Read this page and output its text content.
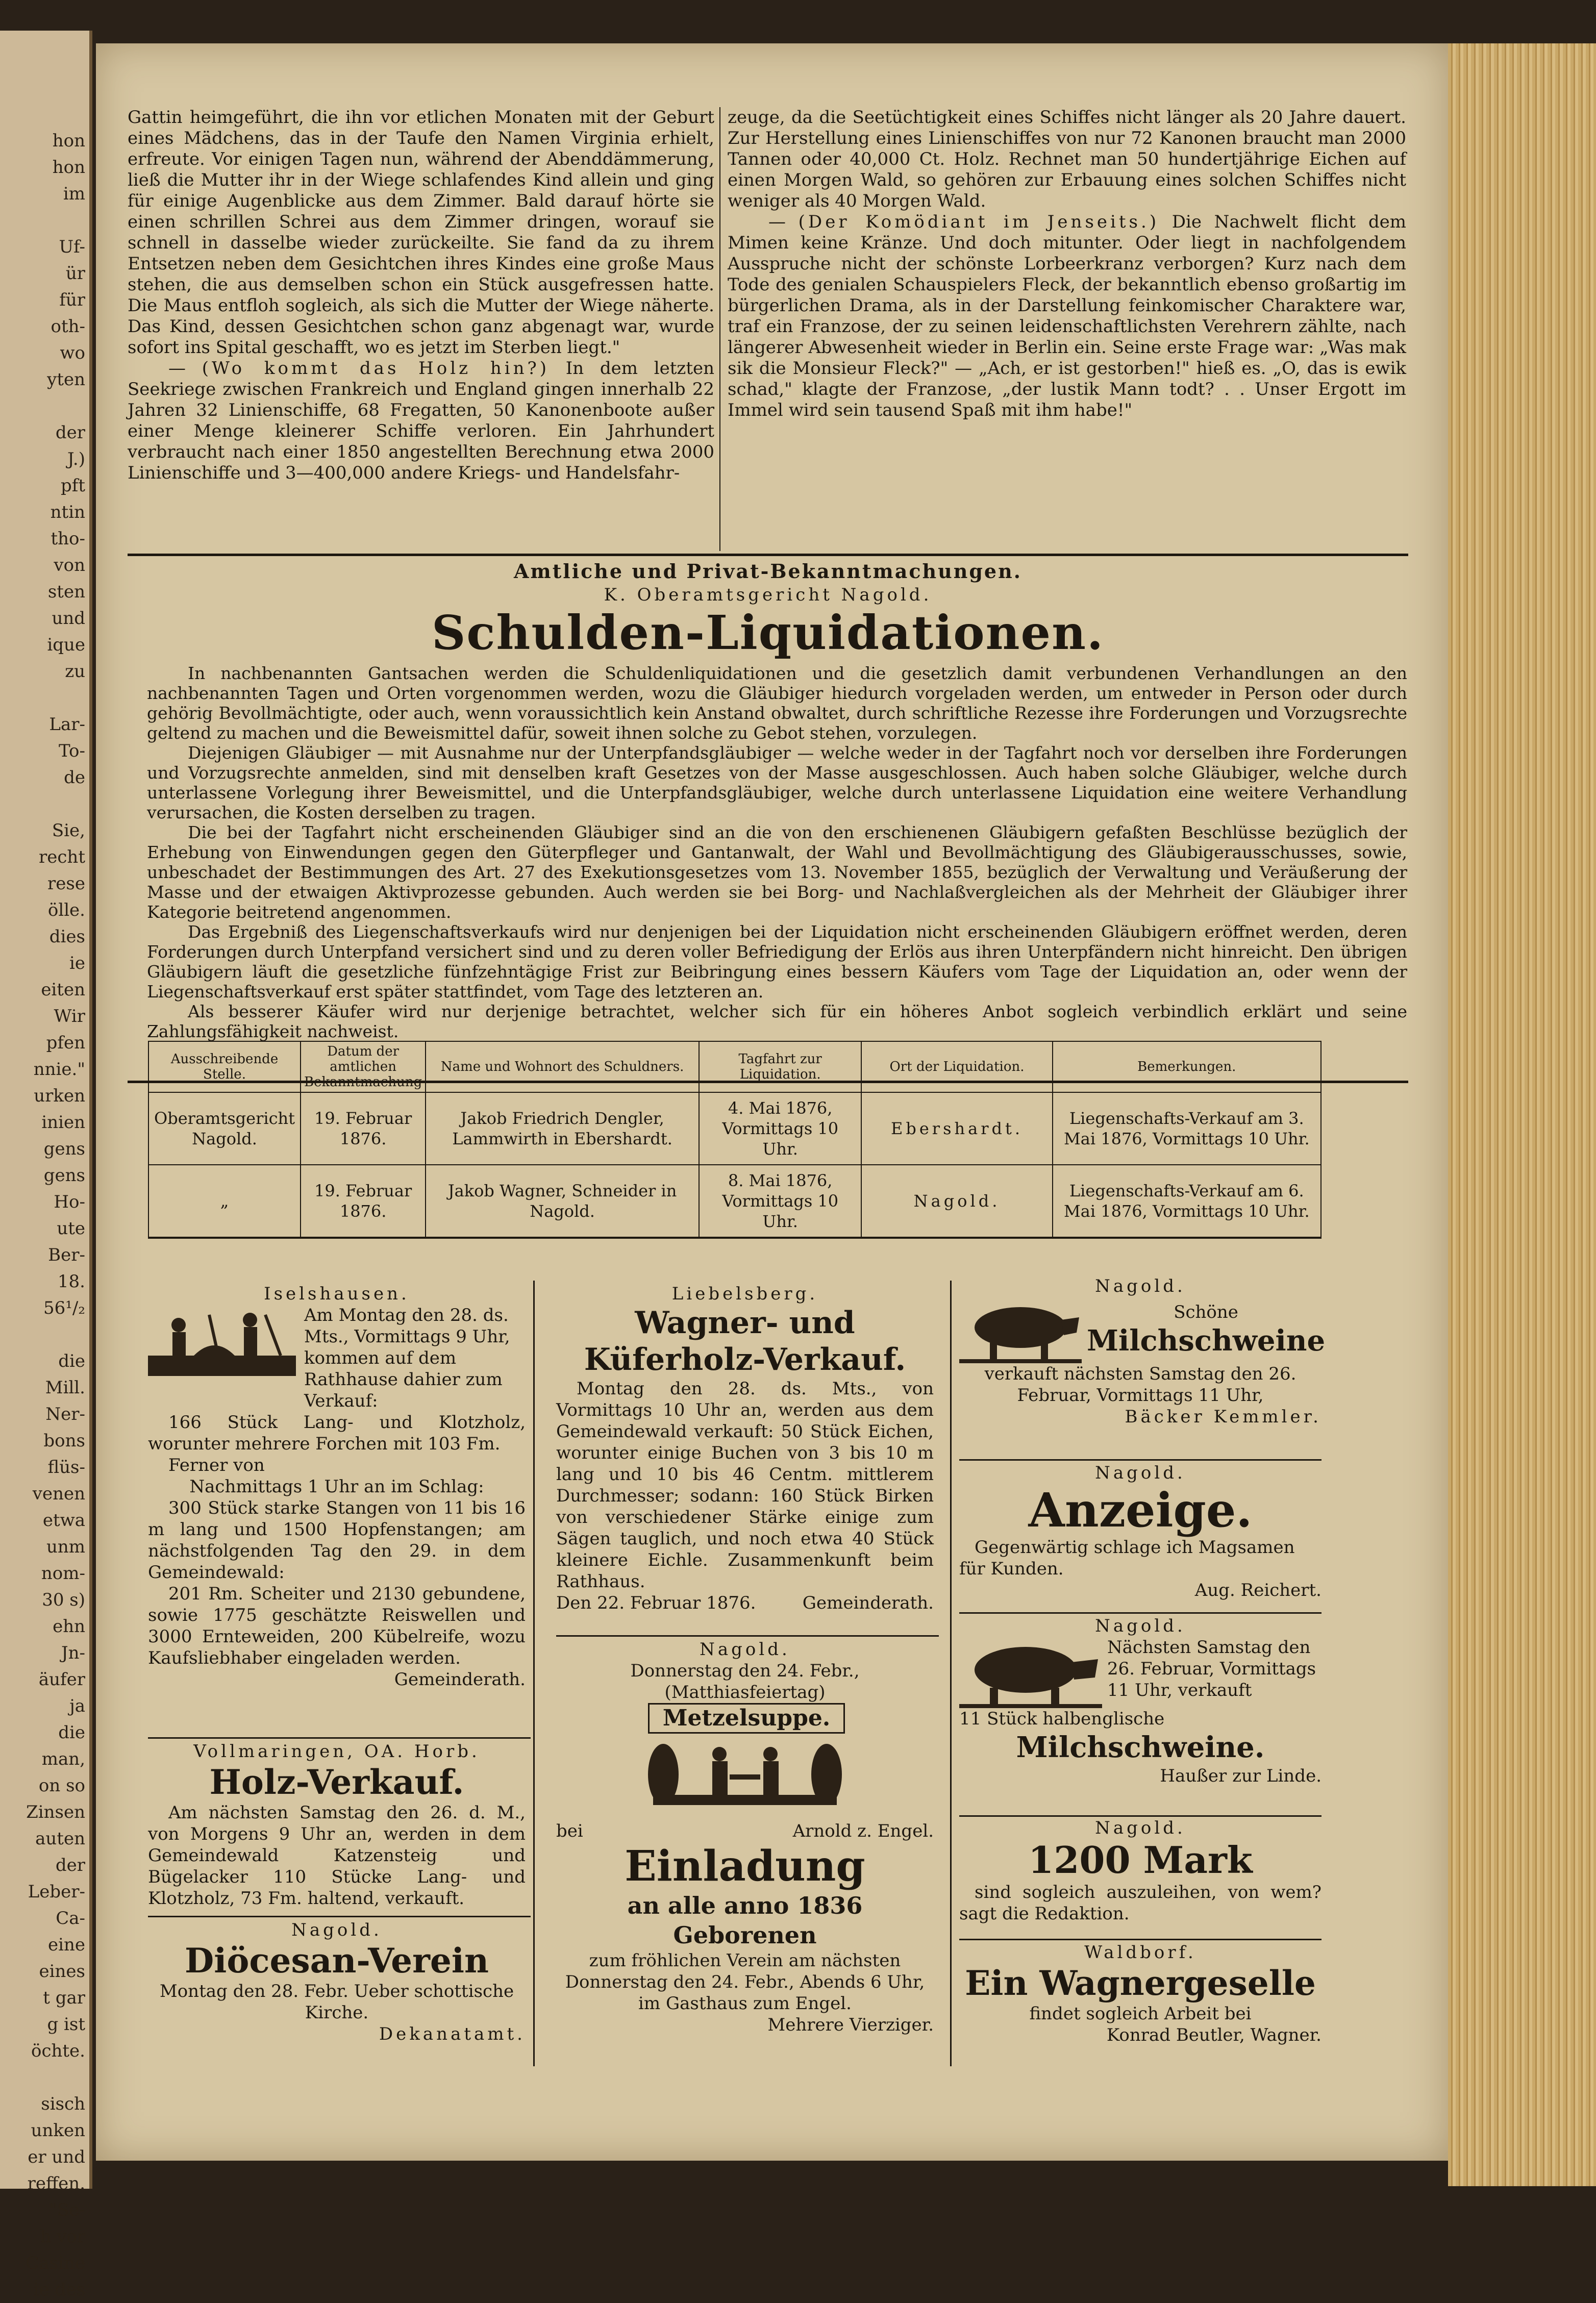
hon
hon
im

Uf-
ür
für
oth-
wo
yten

der
J.)
pft
ntin
tho-
von
sten
und
ique
zu

Lar-
To-
de

Sie,
recht
rese
ölle.
dies
ie
eiten
Wir
pfen
nnie."
urken
inien
gens
gens
Ho-
ute
Ber-
18.
56¹/₂

die
Mill.
Ner-
bons
flüs-
venen
etwa
unm
nom-
30 s)
ehn
Jn-
äufer
ja
die
man,
on so
Zinsen
auten
der
Leber-
Ca-
eine
eines
t gar
g ist
öchte.

sisch
unken
er und
reffen.
"Se-
h vor
Casine
ie des

Gattin heimgeführt, die ihn vor etlichen Monaten mit der Geburt eines Mädchens, das in der Taufe den Namen Virginia erhielt, erfreute. Vor einigen Tagen nun, während der Abenddämmerung, ließ die Mutter ihr in der Wiege schlafendes Kind allein und ging für einige Augenblicke aus dem Zimmer. Bald darauf hörte sie einen schrillen Schrei aus dem Zimmer dringen, worauf sie schnell in dasselbe wieder zurückeilte. Sie fand da zu ihrem Entsetzen neben dem Gesichtchen ihres Kindes eine große Maus stehen, die aus demselben schon ein Stück ausgefressen hatte. Die Maus entfloh sogleich, als sich die Mutter der Wiege näherte. Das Kind, dessen Gesichtchen schon ganz abgenagt war, wurde sofort ins Spital geschafft, wo es jetzt im Sterben liegt."

— (Wo kommt das Holz hin?) In dem letzten Seekriege zwischen Frankreich und England gingen innerhalb 22 Jahren 32 Linienschiffe, 68 Fregatten, 50 Kanonenboote außer einer Menge kleinerer Schiffe verloren. Ein Jahrhundert verbraucht nach einer 1850 angestellten Berechnung etwa 2000 Linienschiffe und 3—400,000 andere Kriegs- und Handelsfahr-

zeuge, da die Seetüchtigkeit eines Schiffes nicht länger als 20 Jahre dauert. Zur Herstellung eines Linienschiffes von nur 72 Kanonen braucht man 2000 Tannen oder 40,000 Ct. Holz. Rechnet man 50 hundertjährige Eichen auf einen Morgen Wald, so gehören zur Erbauung eines solchen Schiffes nicht weniger als 40 Morgen Wald.

— (Der Komödiant im Jenseits.) Die Nachwelt flicht dem Mimen keine Kränze. Und doch mitunter. Oder liegt in nachfolgendem Ausspruche nicht der schönste Lorbeerkranz verborgen? Kurz nach dem Tode des genialen Schauspielers Fleck, der bekanntlich ebenso großartig im bürgerlichen Drama, als in der Darstellung feinkomischer Charaktere war, traf ein Franzose, der zu seinen leidenschaftlichsten Verehrern zählte, nach längerer Abwesenheit wieder in Berlin ein. Seine erste Frage war: „Was mak sik die Monsieur Fleck?" — „Ach, er ist gestorben!" hieß es. „O, das is ewik schad," klagte der Franzose, „der lustik Mann todt? . . Unser Ergott im Immel wird sein tausend Spaß mit ihm habe!"

Amtliche und Privat-Bekanntmachungen.
K. Oberamtsgericht Nagold.
Schulden-Liquidationen.

In nachbenannten Gantsachen werden die Schuldenliquidationen und die gesetzlich damit verbundenen Verhandlungen an den nachbenannten Tagen und Orten vorgenommen werden, wozu die Gläubiger hiedurch vorgeladen werden, um entweder in Person oder durch gehörig Bevollmächtigte, oder auch, wenn voraussichtlich kein Anstand obwaltet, durch schriftliche Rezesse ihre Forderungen und Vorzugsrechte geltend zu machen und die Beweismittel dafür, soweit ihnen solche zu Gebot stehen, vorzulegen.

Diejenigen Gläubiger — mit Ausnahme nur der Unterpfandsgläubiger — welche weder in der Tagfahrt noch vor derselben ihre Forderungen und Vorzugsrechte anmelden, sind mit denselben kraft Gesetzes von der Masse ausgeschlossen. Auch haben solche Gläubiger, welche durch unterlassene Vorlegung ihrer Beweismittel, und die Unterpfandsgläubiger, welche durch unterlassene Liquidation eine weitere Verhandlung verursachen, die Kosten derselben zu tragen.

Die bei der Tagfahrt nicht erscheinenden Gläubiger sind an die von den erschienenen Gläubigern gefaßten Beschlüsse bezüglich der Erhebung von Einwendungen gegen den Güterpfleger und Gantanwalt, der Wahl und Bevollmächtigung des Gläubigerausschusses, sowie, unbeschadet der Bestimmungen des Art. 27 des Exekutionsgesetzes vom 13. November 1855, bezüglich der Verwaltung und Veräußerung der Masse und der etwaigen Aktivprozesse gebunden. Auch werden sie bei Borg- und Nachlaßvergleichen als der Mehrheit der Gläubiger ihrer Kategorie beitretend angenommen.

Das Ergebniß des Liegenschaftsverkaufs wird nur denjenigen bei der Liquidation nicht erscheinenden Gläubigern eröffnet werden, deren Forderungen durch Unterpfand versichert sind und zu deren voller Befriedigung der Erlös aus ihren Unterpfändern nicht hinreicht. Den übrigen Gläubigern läuft die gesetzliche fünfzehntägige Frist zur Beibringung eines bessern Käufers vom Tage der Liquidation an, oder wenn der Liegenschaftsverkauf erst später stattfindet, vom Tage des letzteren an.

Als besserer Käufer wird nur derjenige betrachtet, welcher sich für ein höheres Anbot sogleich verbindlich erklärt und seine Zahlungsfähigkeit nachweist.

Ausschreibende Stelle.	Datum der amtlichen Bekanntmachung	Name und Wohnort des Schuldners.	Tagfahrt zur Liquidation.	Ort der Liquidation.	Bemerkungen.
Oberamtsgericht Nagold.	19. Februar 1876.	Jakob Friedrich Dengler, Lammwirth in Ebershardt.	4. Mai 1876, Vormittags 10 Uhr.	Ebershardt.	Liegenschafts-Verkauf am 3. Mai 1876, Vormittags 10 Uhr.
„	19. Februar 1876.	Jakob Wagner, Schneider in Nagold.	8. Mai 1876, Vormittags 10 Uhr.	Nagold.	Liegenschafts-Verkauf am 6. Mai 1876, Vormittags 10 Uhr.
Iselshausen.
Am Montag den 28. ds. Mts., Vormittags 9 Uhr, kommen auf dem Rathhause dahier zum Verkauf:

166 Stück Lang- und Klotzholz, worunter mehrere Forchen mit 103 Fm.

Ferner von

Nachmittags 1 Uhr an im Schlag:

300 Stück starke Stangen von 11 bis 16 m lang und 1500 Hopfenstangen; am nächstfolgenden Tag den 29. in dem Gemeindewald:

201 Rm. Scheiter und 2130 gebundene, sowie 1775 geschätzte Reiswellen und 3000 Ernteweiden, 200 Kübelreife, wozu Kaufsliebhaber eingeladen werden.

Gemeinderath.

Vollmaringen, OA. Horb.
Holz-Verkauf.

Am nächsten Samstag den 26. d. M., von Morgens 9 Uhr an, werden in dem Gemeindewald Katzensteig und Bügelacker 110 Stücke Lang- und Klotzholz, 73 Fm. haltend, verkauft.

Nagold.
Diöcesan-Verein

Montag den 28. Febr. Ueber schottische Kirche.

Dekanatamt.

Liebelsberg.
Wagner- und Küferholz-Verkauf.

Montag den 28. ds. Mts., von Vormittags 10 Uhr an, werden aus dem Gemeindewald verkauft: 50 Stück Eichen, worunter einige Buchen von 3 bis 10 m lang und 10 bis 46 Centm. mittlerem Durchmesser; sodann: 160 Stück Birken von verschiedener Stärke einige zum Sägen tauglich, und noch etwa 40 Stück kleinere Eichle. Zusammenkunft beim Rathhaus.

Den 22. Februar 1876.	Gemeinderath.

Nagold.
Donnerstag den 24. Febr.,
(Matthiasfeiertag)
Metzelsuppe.

bei	Arnold z. Engel.

Einladung
an alle anno 1836 Geborenen

zum fröhlichen Verein am nächsten Donnerstag den 24. Febr., Abends 6 Uhr, im Gasthaus zum Engel.

Mehrere Vierziger.

Nagold.
Schöne
Milchschweine

verkauft nächsten Samstag den 26. Februar, Vormittags 11 Uhr,

Bäcker Kemmler.

Nagold.
Anzeige.

Gegenwärtig schlage ich Magsamen für Kunden.

Aug. Reichert.

Nagold.
Nächsten Samstag den 26. Februar, Vormittags 11 Uhr, verkauft

11 Stück halbenglische

Milchschweine.

Haußer zur Linde.

Nagold.
1200 Mark

sind sogleich auszuleihen, von wem? sagt die Redaktion.

Waldborf.
Ein Wagnergeselle

findet sogleich Arbeit bei

Konrad Beutler, Wagner.
